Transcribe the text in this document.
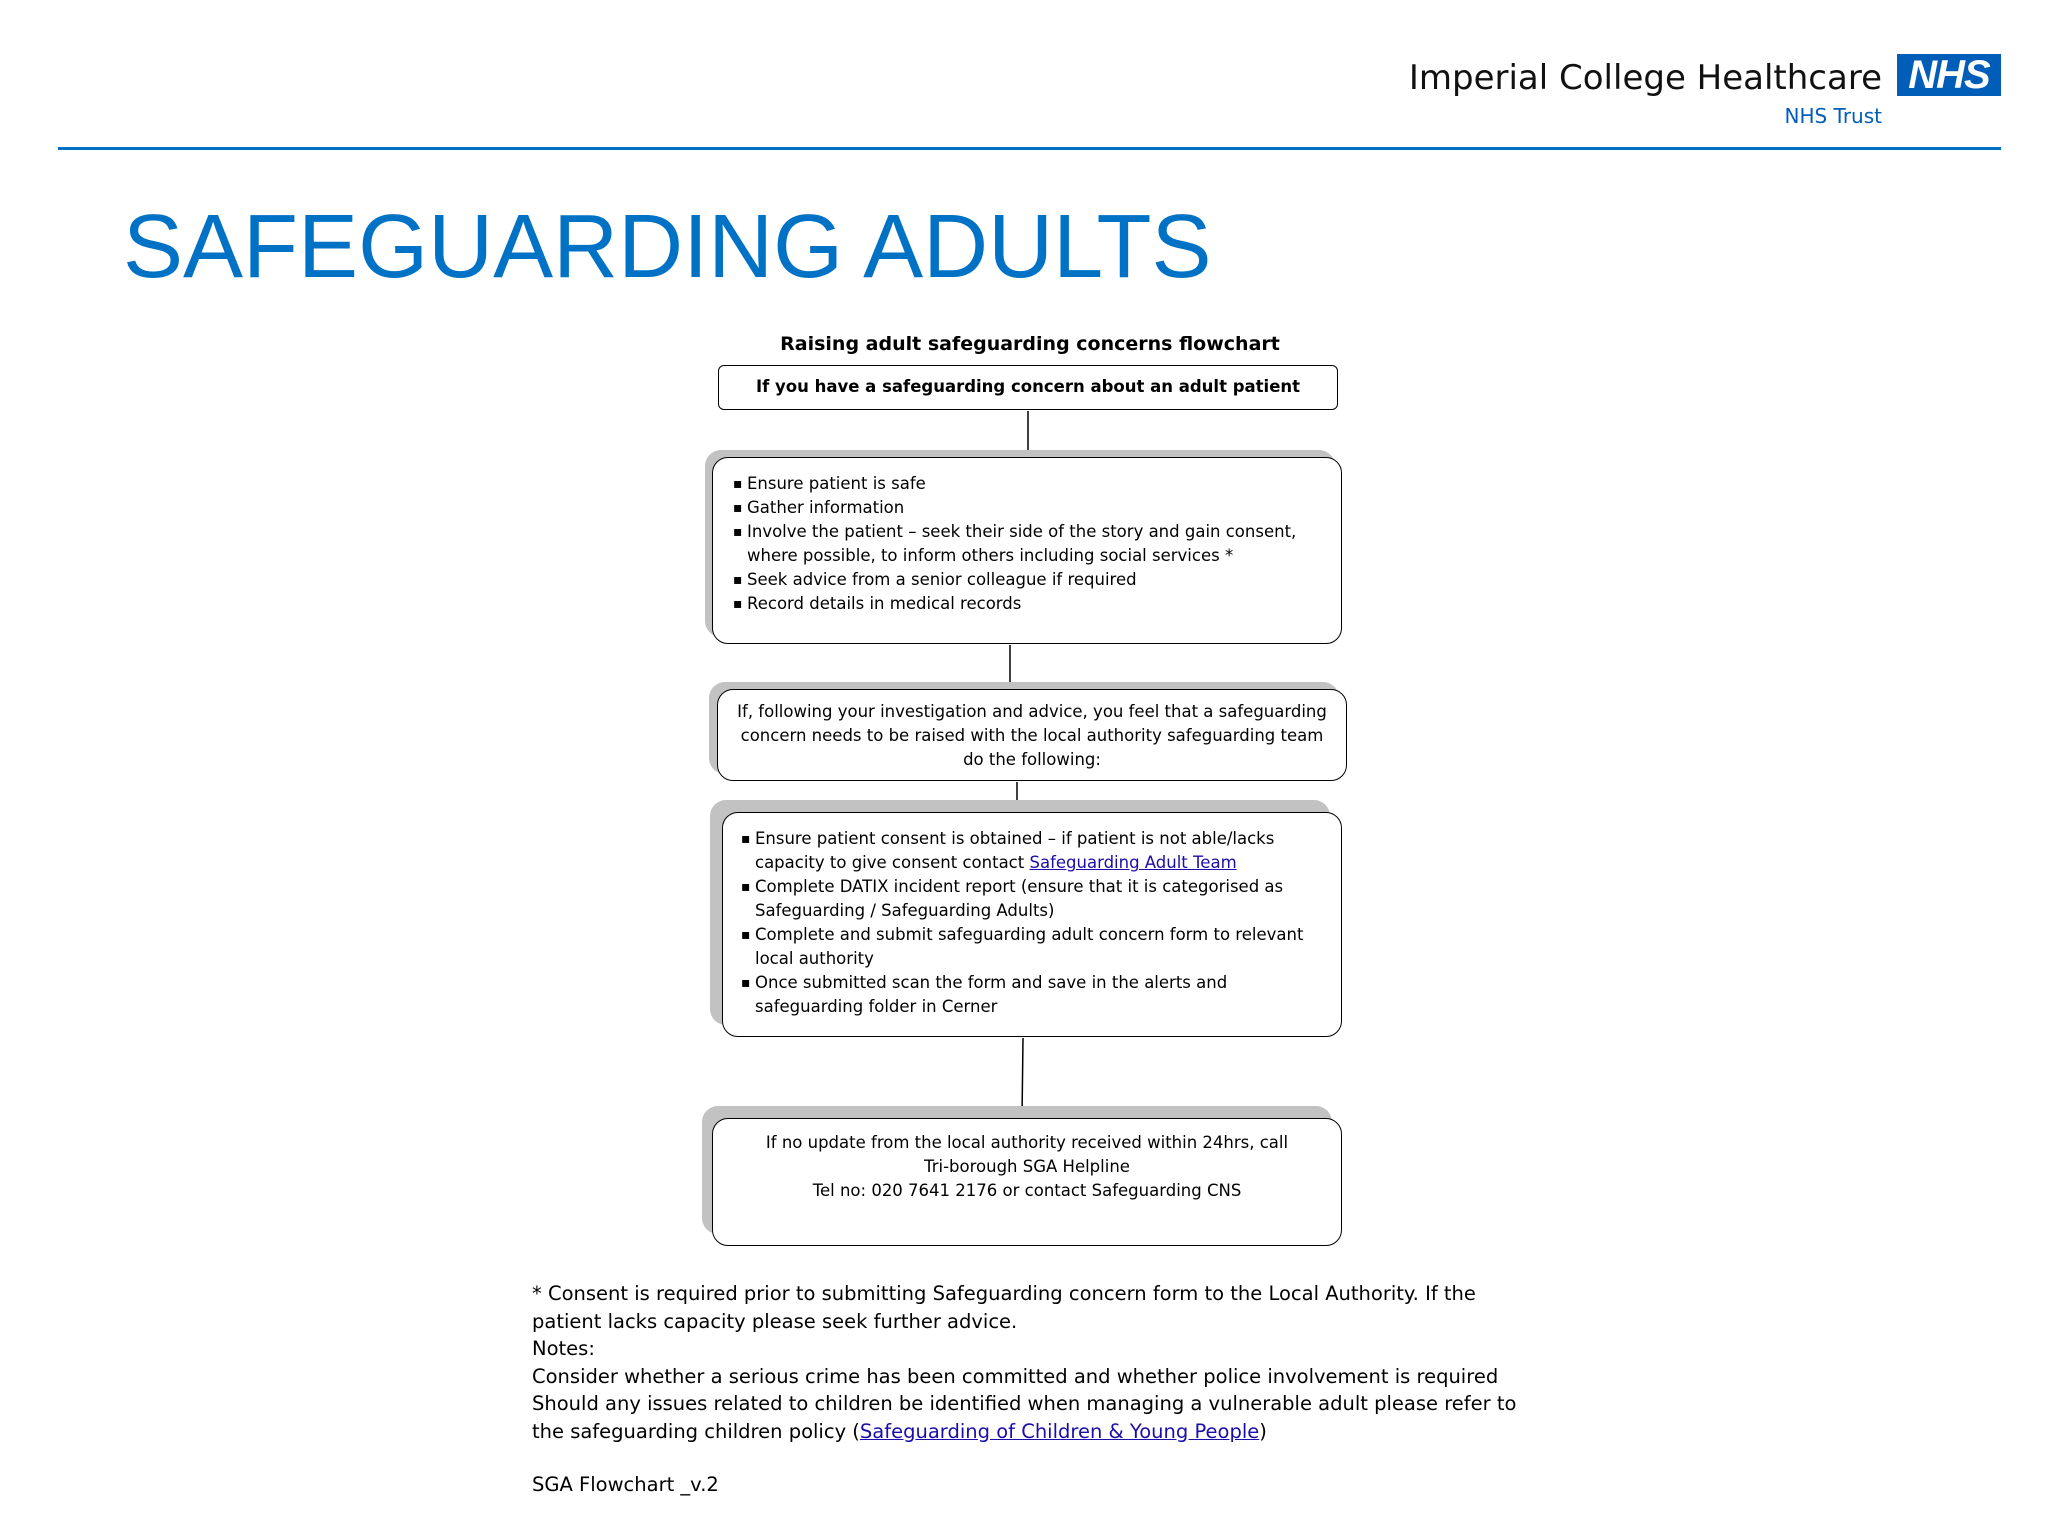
Imperial College Healthcare NHS
NHS Trust
SAFEGUARDING ADULTS
Raising adult safeguarding concerns flowchart
If you have a safeguarding concern about an adult patient
▪ Ensure patient is safe
▪ Gather information
▪ Involve the patient – seek their side of the story and gain consent, where possible, to inform others including social services *
▪ Seek advice from a senior colleague if required
▪ Record details in medical records
If, following your investigation and advice, you feel that a safeguarding concern needs to be raised with the local authority safeguarding team do the following:
▪ Ensure patient consent is obtained – if patient is not able/lacks capacity to give consent contact Safeguarding Adult Team
▪ Complete DATIX incident report (ensure that it is categorised as Safeguarding / Safeguarding Adults)
▪ Complete and submit safeguarding adult concern form to relevant local authority
▪ Once submitted scan the form and save in the alerts and safeguarding folder in Cerner
If no update from the local authority received within 24hrs, call
Tri-borough SGA Helpline
Tel no: 020 7641 2176 or contact Safeguarding CNS

* Consent is required prior to submitting Safeguarding concern form to the Local Authority. If the patient lacks capacity please seek further advice.

Notes:

Consider whether a serious crime has been committed and whether police involvement is required

Should any issues related to children be identified when managing a vulnerable adult please refer to the safeguarding children policy (Safeguarding of Children & Young People)

SGA Flowchart _v.2
